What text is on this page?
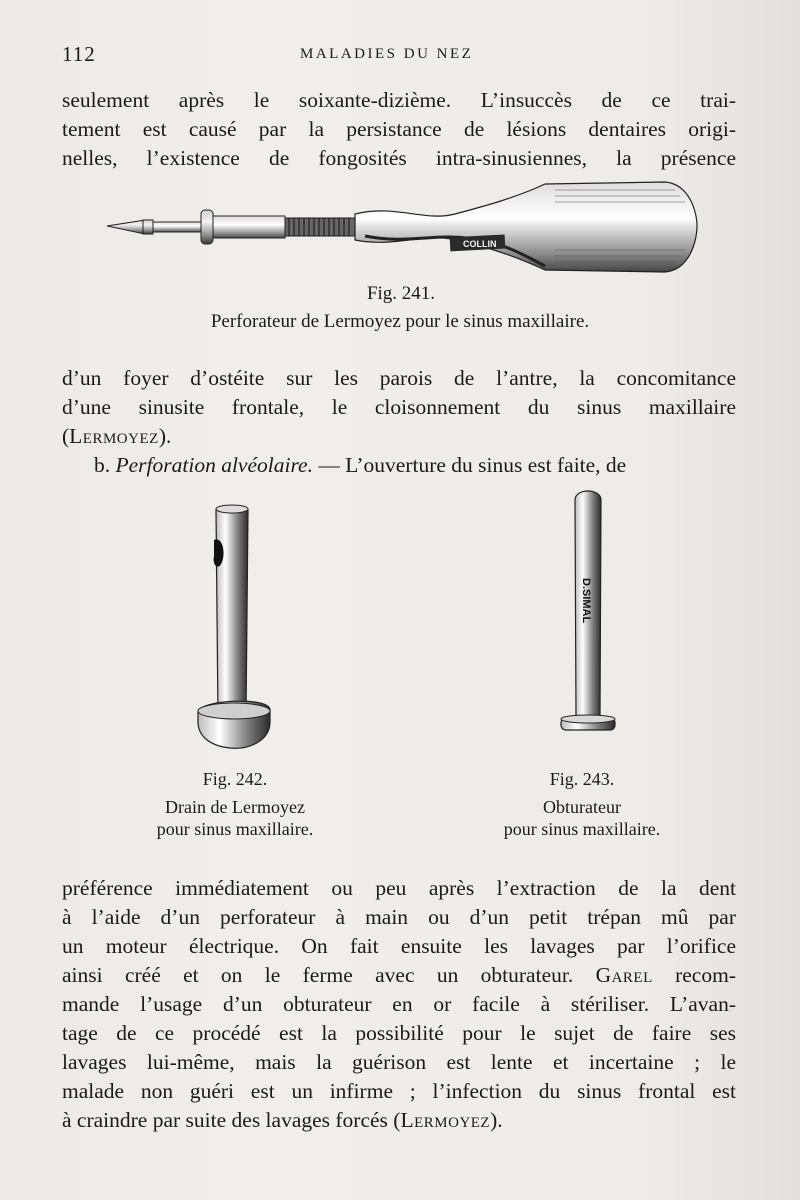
112	MALADIES DU NEZ
seulement après le soixante-dizième. L’insuccès de ce trai-
tement est causé par la persistance de lésions dentaires origi-
nelles, l’existence de fongosités intra-sinusiennes, la présence
COLLIN
Fig. 241.
Perforateur de Lermoyez pour le sinus maxillaire.
d’un foyer d’ostéite sur les parois de l’antre, la concomitance
d’une sinusite frontale, le cloisonnement du sinus maxillaire
(Lermoyez).
b. Perforation alvéolaire. — L’ouverture du sinus est faite, de
D.SIMAL
Fig. 242.
Drain de Lermoyez
pour sinus maxillaire.
Fig. 243.
Obturateur
pour sinus maxillaire.
préférence immédiatement ou peu après l’extraction de la dent
à l’aide d’un perforateur à main ou d’un petit trépan mû par
un moteur électrique. On fait ensuite les lavages par l’orifice
ainsi créé et on le ferme avec un obturateur. Garel recom-
mande l’usage d’un obturateur en or facile à stériliser. L’avan-
tage de ce procédé est la possibilité pour le sujet de faire ses
lavages lui-même, mais la guérison est lente et incertaine ; le
malade non guéri est un infirme ; l’infection du sinus frontal est
à craindre par suite des lavages forcés (Lermoyez).
